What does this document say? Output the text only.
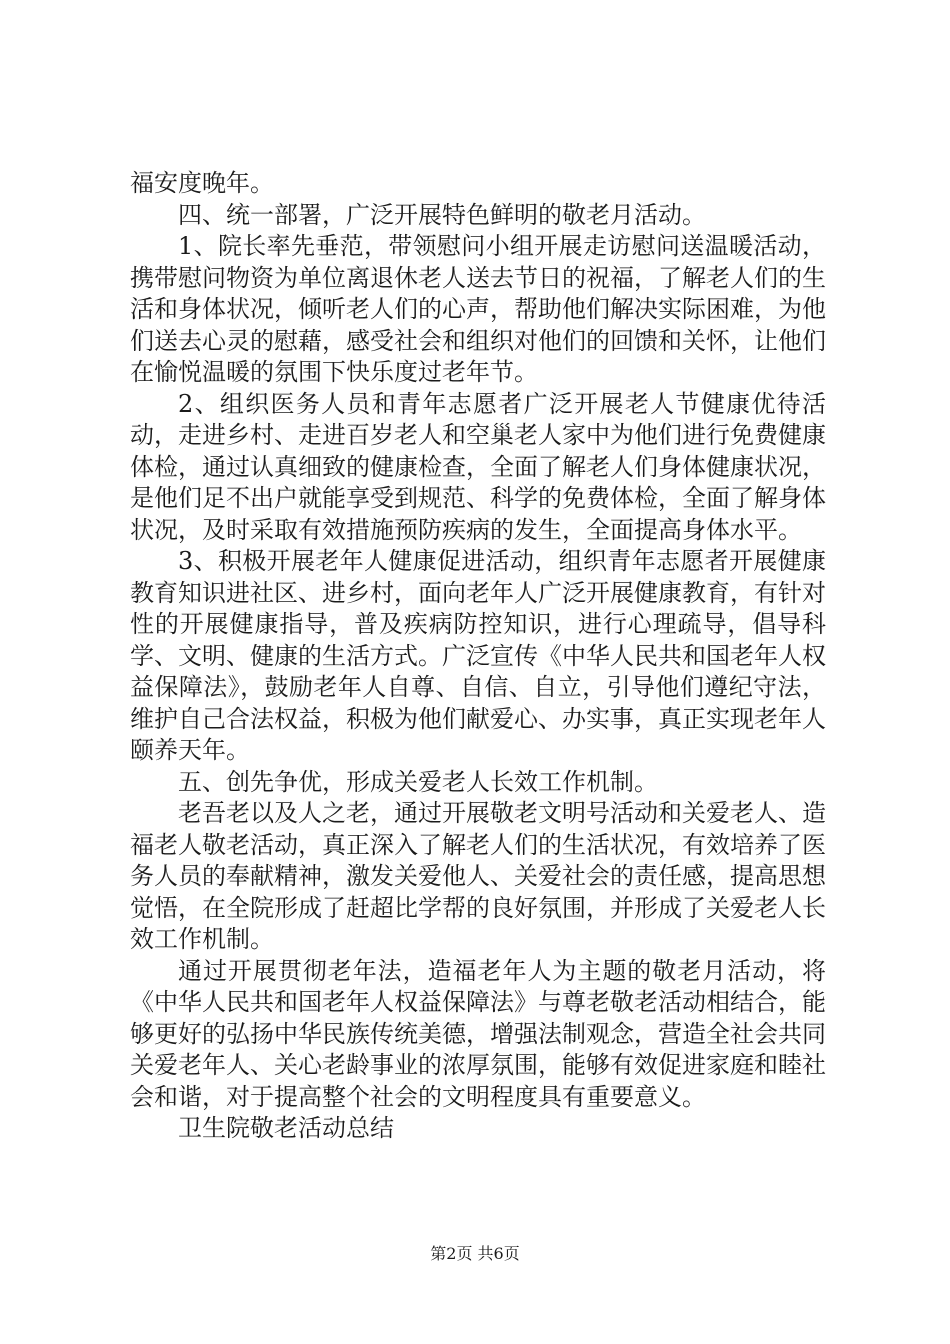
福安度晚年。

四、统一部署，广泛开展特色鲜明的敬老月活动。

1、院长率先垂范，带领慰问小组开展走访慰问送温暖活动，携带慰问物资为单位离退休老人送去节日的祝福，了解老人们的生活和身体状况，倾听老人们的心声，帮助他们解决实际困难，为他们送去心灵的慰藉，感受社会和组织对他们的回馈和关怀，让他们在愉悦温暖的氛围下快乐度过老年节。

2、组织医务人员和青年志愿者广泛开展老人节健康优待活动，走进乡村、走进百岁老人和空巢老人家中为他们进行免费健康体检，通过认真细致的健康检查，全面了解老人们身体健康状况，是他们足不出户就能享受到规范、科学的免费体检，全面了解身体状况，及时采取有效措施预防疾病的发生，全面提高身体水平。

3、积极开展老年人健康促进活动，组织青年志愿者开展健康教育知识进社区、进乡村，面向老年人广泛开展健康教育，有针对性的开展健康指导，普及疾病防控知识，进行心理疏导，倡导科学、文明、健康的生活方式。广泛宣传《中华人民共和国老年人权益保障法》，鼓励老年人自尊、自信、自立，引导他们遵纪守法，维护自己合法权益，积极为他们献爱心、办实事，真正实现老年人颐养天年。

五、创先争优，形成关爱老人长效工作机制。

老吾老以及人之老，通过开展敬老文明号活动和关爱老人、造福老人敬老活动，真正深入了解老人们的生活状况，有效培养了医务人员的奉献精神，激发关爱他人、关爱社会的责任感，提高思想觉悟，在全院形成了赶超比学帮的良好氛围，并形成了关爱老人长效工作机制。

通过开展贯彻老年法，造福老年人为主题的敬老月活动，将《中华人民共和国老年人权益保障法》与尊老敬老活动相结合，能够更好的弘扬中华民族传统美德，增强法制观念，营造全社会共同关爱老年人、关心老龄事业的浓厚氛围，能够有效促进家庭和睦社会和谐，对于提高整个社会的文明程度具有重要意义。

卫生院敬老活动总结

第2页 共6页
